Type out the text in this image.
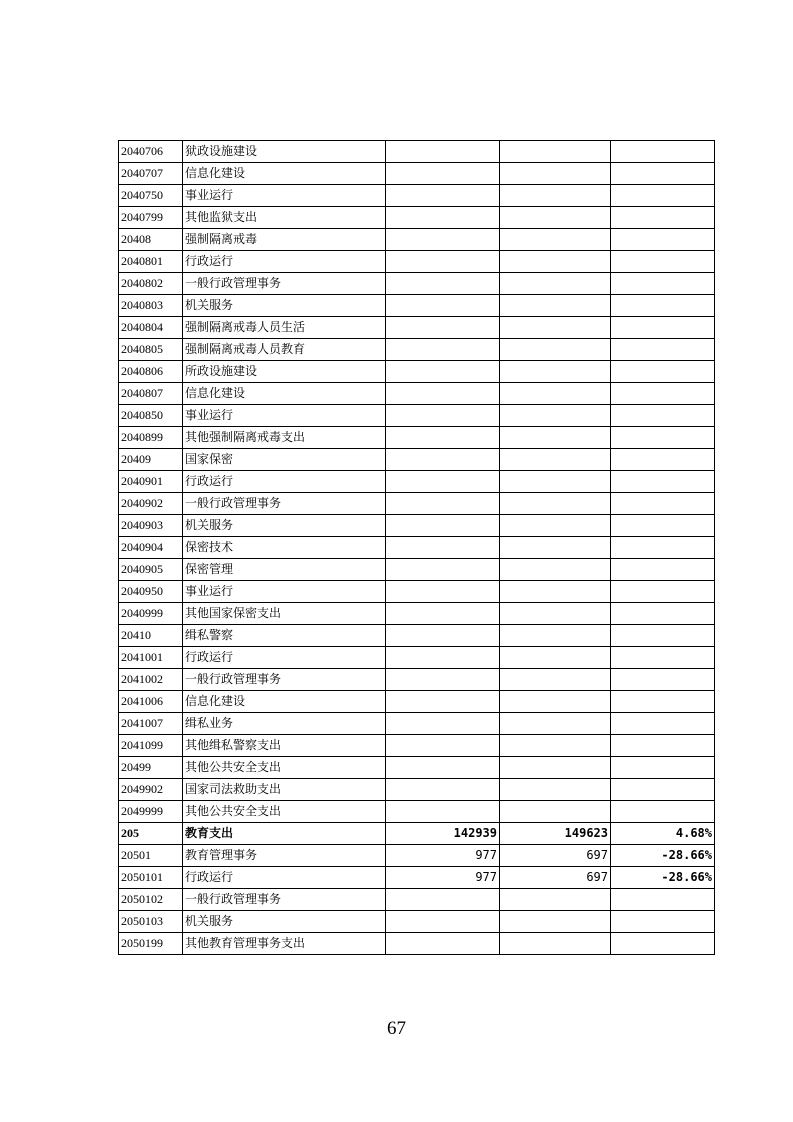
2040706	狱政设施建设			
2040707	信息化建设			
2040750	事业运行			
2040799	其他监狱支出			
20408	强制隔离戒毒			
2040801	行政运行			
2040802	一般行政管理事务			
2040803	机关服务			
2040804	强制隔离戒毒人员生活			
2040805	强制隔离戒毒人员教育			
2040806	所政设施建设			
2040807	信息化建设			
2040850	事业运行			
2040899	其他强制隔离戒毒支出			
20409	国家保密			
2040901	行政运行			
2040902	一般行政管理事务			
2040903	机关服务			
2040904	保密技术			
2040905	保密管理			
2040950	事业运行			
2040999	其他国家保密支出			
20410	缉私警察			
2041001	行政运行			
2041002	一般行政管理事务			
2041006	信息化建设			
2041007	缉私业务			
2041099	其他缉私警察支出			
20499	其他公共安全支出			
2049902	国家司法救助支出			
2049999	其他公共安全支出			
205	教育支出	142939	149623	4.68%
20501	教育管理事务	977	697	-28.66%
2050101	行政运行	977	697	-28.66%
2050102	一般行政管理事务			
2050103	机关服务			
2050199	其他教育管理事务支出			
67
